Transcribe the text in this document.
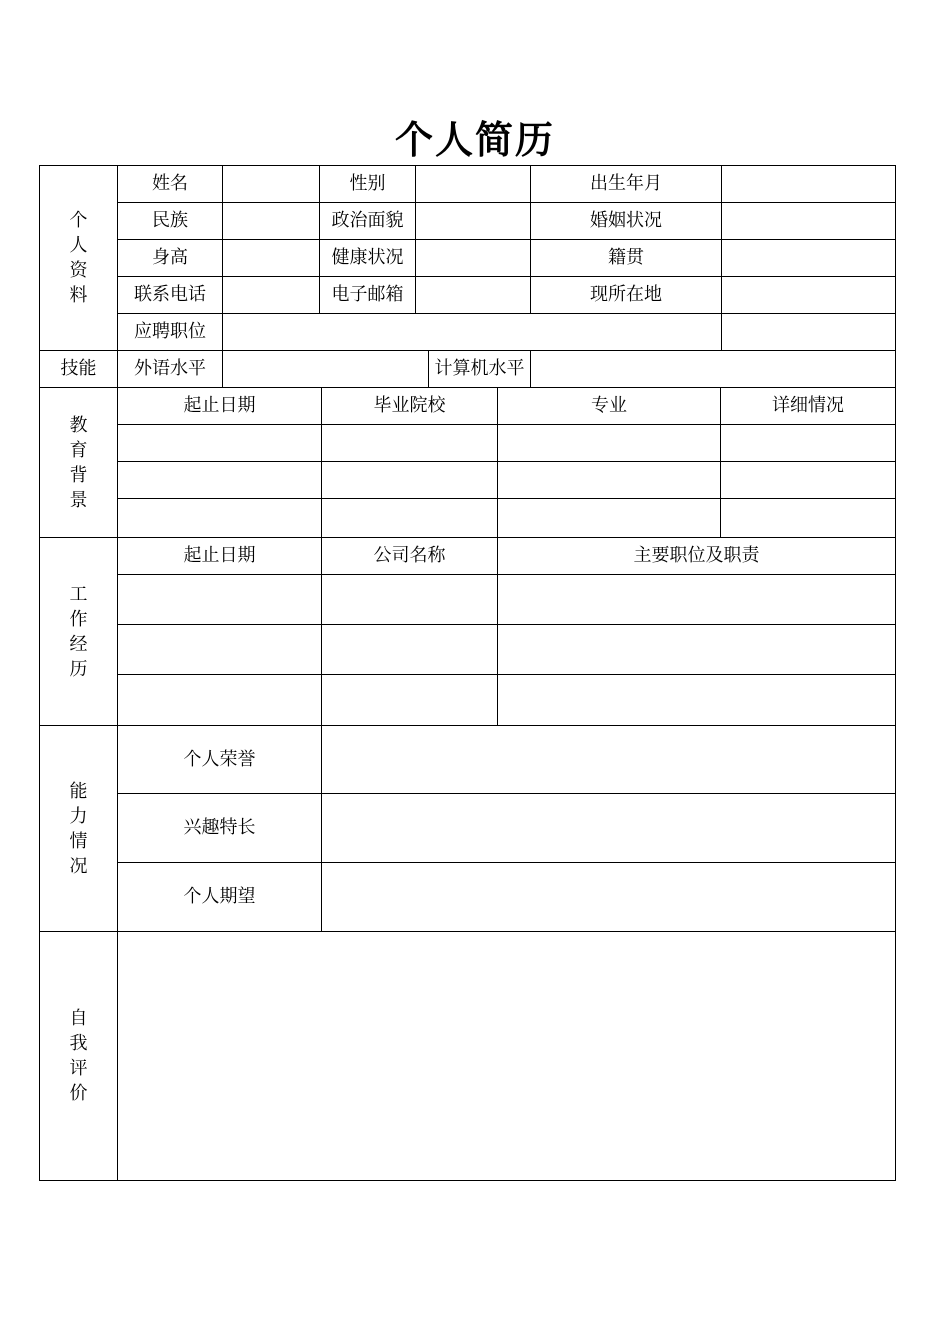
个人简历
个
人
资
料	姓名		性别			出生年月		
	民族		政治面貌			婚姻状况		
	身高		健康状况			籍贯		
	联系电话		电子邮箱			现所在地		
	应聘职位							
技能	外语水平				计算机水平			
教
育
背
景	起止日期	毕业院校	专业	详细情况

工
作
经
历	起止日期	公司名称	主要职位及职责	

能
力
情
况	个人荣誉			
	兴趣特长			
	个人期望			

自
我
评
价				
